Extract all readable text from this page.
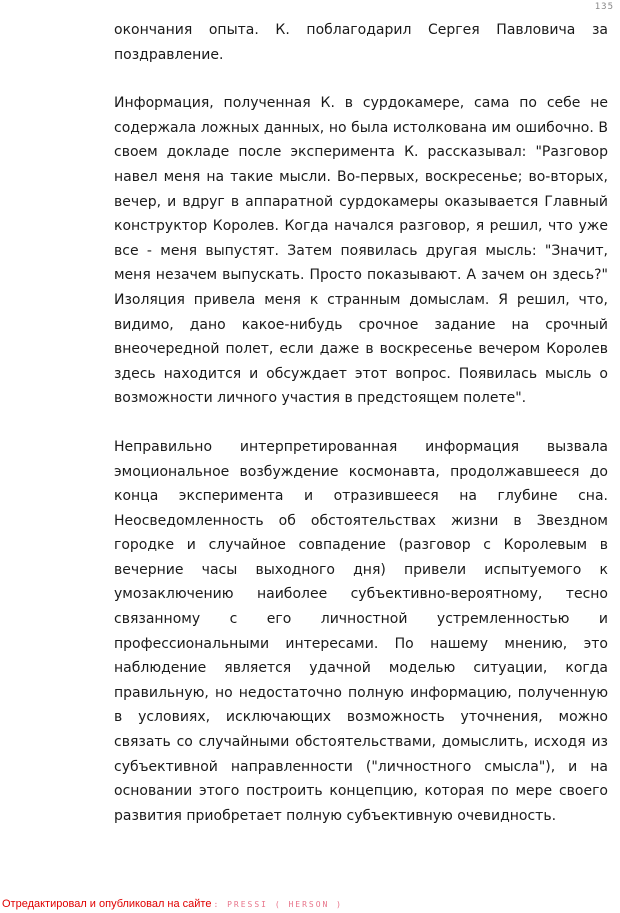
135

окончания опыта. К. поблагодарил Сергея Павловича за поздравление.

Информация, полученная К. в сурдокамере, сама по себе не содержала ложных данных, но была истолкована им ошибочно. В своем докладе после эксперимента К. рассказывал: "Разговор навел меня на такие мысли. Во-первых, воскресенье; во-вторых, вечер, и вдруг в аппаратной сурдокамеры оказывается Главный конструктор Королев. Когда начался разговор, я решил, что уже все - меня выпустят. Затем появилась другая мысль: "Значит, меня незачем выпускать. Просто показывают. А зачем он здесь?" Изоляция привела меня к странным домыслам. Я решил, что, видимо, дано какое-нибудь срочное задание на срочный внеочередной полет, если даже в воскресенье вечером Королев здесь находится и обсуждает этот вопрос. Появилась мысль о возможности личного участия в предстоящем полете".

Неправильно интерпретированная информация вызвала эмоциональное возбуждение космонавта, продолжавшееся до конца эксперимента и отразившееся на глубине сна. Неосведомленность об обстоятельствах жизни в Звездном городке и случайное совпадение (разговор с Королевым в вечерние часы выходного дня) привели испытуемого к умозаключению наиболее субъективно-вероятному, тесно связанному с его личностной устремленностью и профессиональными интересами. По нашему мнению, это наблюдение является удачной моделью ситуации, когда правильную, но недостаточно полную информацию, полученную в условиях, исключающих возможность уточнения, можно связать со случайными обстоятельствами, домыслить, исходя из субъективной направленности ("личностного смысла"), и на основании этого построить концепцию, которая по мере своего развития приобретает полную субъективную очевидность.

Отредактировал и опубликовал на сайте : PRESSI ( HERSON )
